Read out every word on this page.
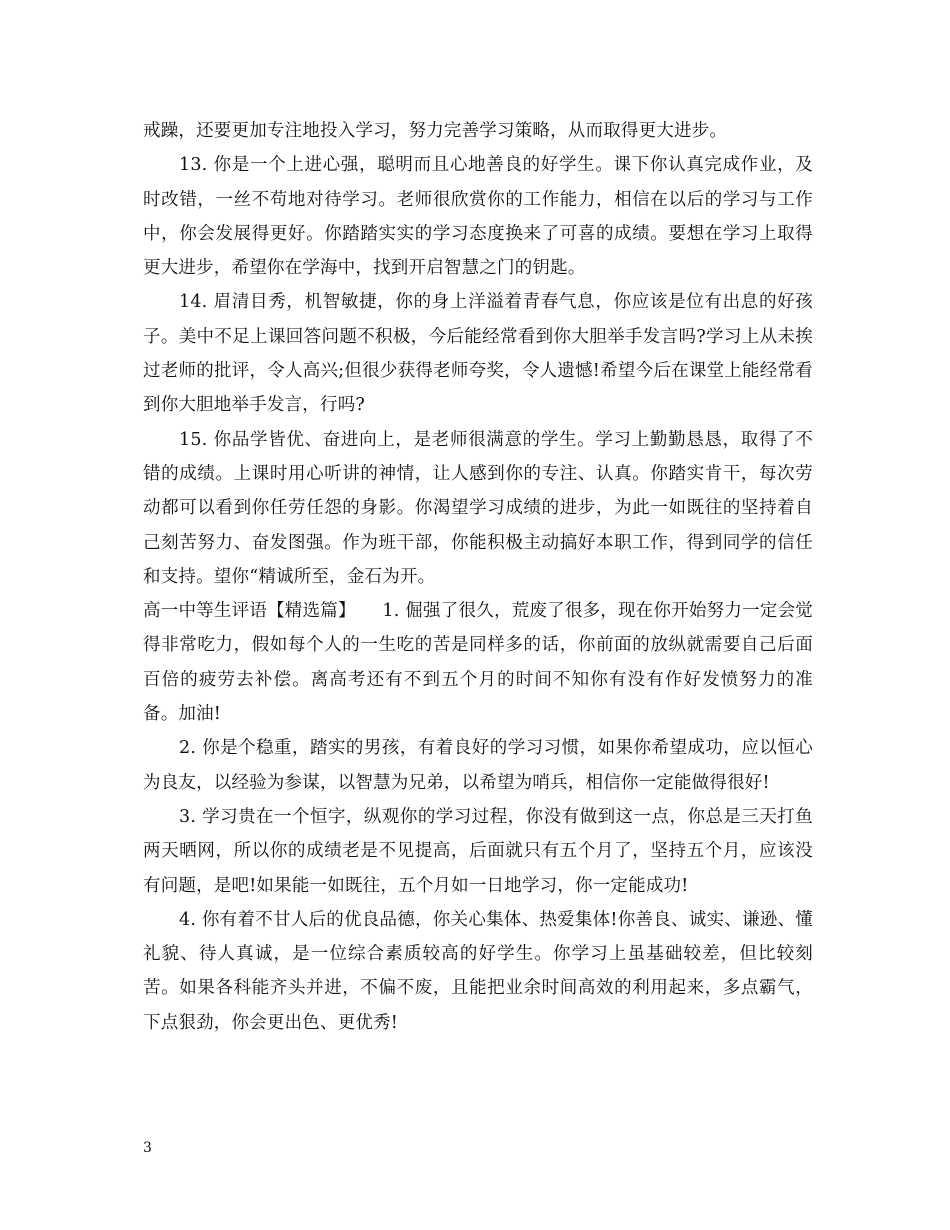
戒躁，还要更加专注地投入学习，努力完善学习策略，从而取得更大进步。

13. 你是一个上进心强，聪明而且心地善良的好学生。课下你认真完成作业，及时改错，一丝不苟地对待学习。老师很欣赏你的工作能力，相信在以后的学习与工作中，你会发展得更好。你踏踏实实的学习态度换来了可喜的成绩。要想在学习上取得更大进步，希望你在学海中，找到开启智慧之门的钥匙。

14. 眉清目秀，机智敏捷，你的身上洋溢着青春气息，你应该是位有出息的好孩子。美中不足上课回答问题不积极，今后能经常看到你大胆举手发言吗?学习上从未挨过老师的批评，令人高兴;但很少获得老师夸奖，令人遗憾!希望今后在课堂上能经常看到你大胆地举手发言，行吗?

15. 你品学皆优、奋进向上，是老师很满意的学生。学习上勤勤恳恳，取得了不错的成绩。上课时用心听讲的神情，让人感到你的专注、认真。你踏实肯干，每次劳动都可以看到你任劳任怨的身影。你渴望学习成绩的进步，为此一如既往的坚持着自己刻苦努力、奋发图强。作为班干部，你能积极主动搞好本职工作，得到同学的信任和支持。望你“精诚所至，金石为开。

高一中等生评语【精选篇】　　1. 倔强了很久，荒废了很多，现在你开始努力一定会觉得非常吃力，假如每个人的一生吃的苦是同样多的话，你前面的放纵就需要自己后面百倍的疲劳去补偿。离高考还有不到五个月的时间不知你有没有作好发愤努力的准备。加油!

2. 你是个稳重，踏实的男孩，有着良好的学习习惯，如果你希望成功，应以恒心为良友，以经验为参谋，以智慧为兄弟，以希望为哨兵，相信你一定能做得很好!

3. 学习贵在一个恒字，纵观你的学习过程，你没有做到这一点，你总是三天打鱼两天晒网，所以你的成绩老是不见提高，后面就只有五个月了，坚持五个月，应该没有问题，是吧!如果能一如既往，五个月如一日地学习，你一定能成功!

4. 你有着不甘人后的优良品德，你关心集体、热爱集体!你善良、诚实、谦逊、懂礼貌、待人真诚，是一位综合素质较高的好学生。你学习上虽基础较差，但比较刻苦。如果各科能齐头并进，不偏不废，且能把业余时间高效的利用起来，多点霸气，下点狠劲，你会更出色、更优秀!

3
